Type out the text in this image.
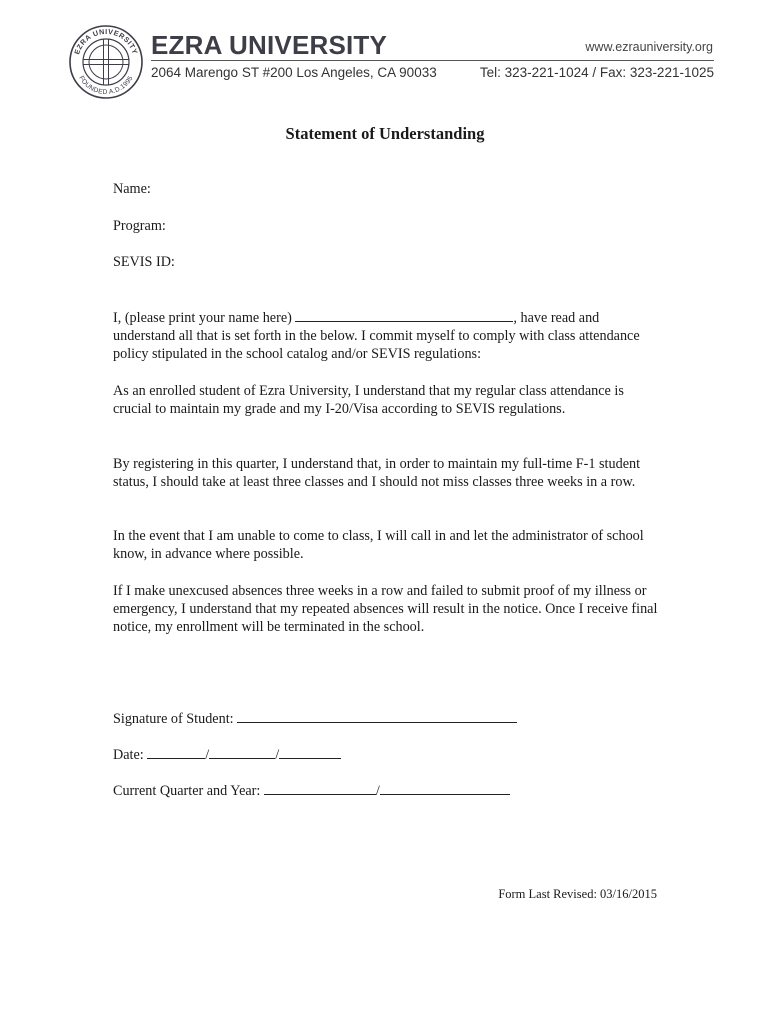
EZRA UNIVERSITY
FOUNDED A.D.1995
EZRA UNIVERSITY	www.ezrauniversity.org
2064 Marengo ST #200 Los Angeles, CA 90033	Tel: 323-221-1024 / Fax: 323-221-1025
Statement of Understanding
Name:
Program:
SEVIS ID:
I, (please print your name here)	, have read and understand all that is set forth in the below. I commit myself to comply with class attendance policy stipulated in the school catalog and/or SEVIS regulations:

As an enrolled student of Ezra University, I understand that my regular class attendance is crucial to maintain my grade and my I-20/Visa according to SEVIS regulations.

By registering in this quarter, I understand that, in order to maintain my full-time F-1 student status, I should take at least three classes and I should not miss classes three weeks in a row.

In the event that I am unable to come to class, I will call in and let the administrator of school know, in advance where possible.

If I make unexcused absences three weeks in a row and failed to submit proof of my illness or emergency, I understand that my repeated absences will result in the notice. Once I receive final notice, my enrollment will be terminated in the school.

Signature of Student:
Date:	/	/
Current Quarter and Year:	/
Form Last Revised: 03/16/2015
